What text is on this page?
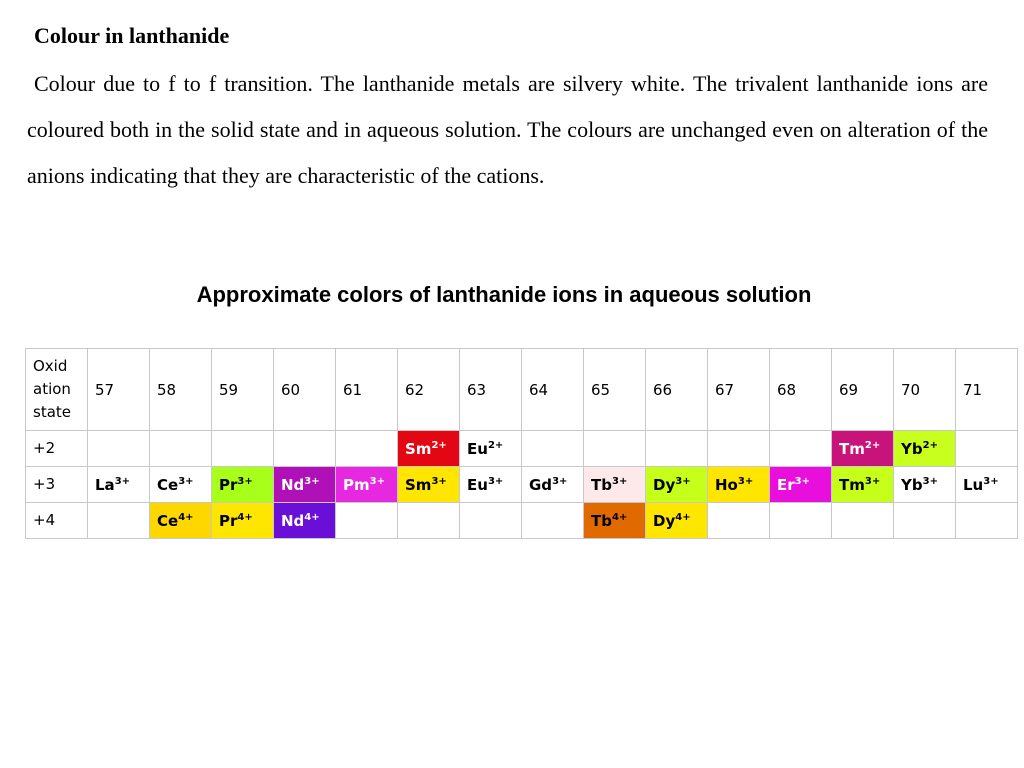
Colour in lanthanide

Colour due to f to f transition. The lanthanide metals are silvery white. The trivalent lanthanide ions are coloured both in the solid state and in aqueous solution. The colours are unchanged even on alteration of the anions indicating that they are characteristic of the cations.

Approximate colors of lanthanide ions in aqueous solution
Oxid ation state	57	58	59	60	61	62	63	64	65	66	67	68	69	70	71
+2						$Sm^{2+}$	$Eu^{2+}$						$Tm^{2+}$	$Yb^{2+}$	
+3	$La^{3+}$	$Ce^{3+}$	$Pr^{3+}$	$Nd^{3+}$	$Pm^{3+}$	$Sm^{3+}$	$Eu^{3+}$	$Gd^{3+}$	$Tb^{3+}$	$Dy^{3+}$	$Ho^{3+}$	$Er^{3+}$	$Tm^{3+}$	$Yb^{3+}$	$Lu^{3+}$
+4		$Ce^{4+}$	$Pr^{4+}$	$Nd^{4+}$					$Tb^{4+}$	$Dy^{4+}$					
